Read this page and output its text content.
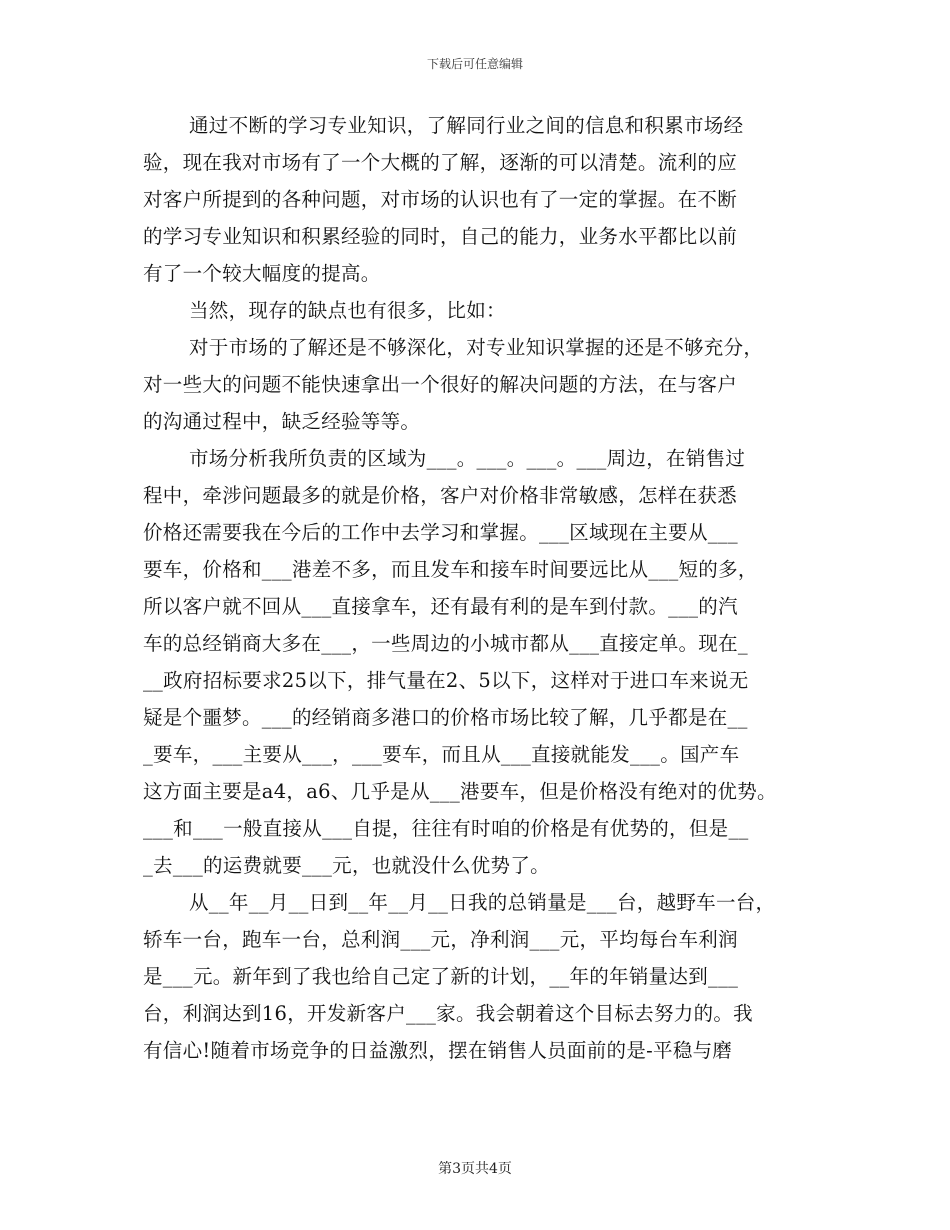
下载后可任意编辑
通过不断的学习专业知识，了解同行业之间的信息和积累市场经
验，现在我对市场有了一个大概的了解，逐渐的可以清楚。流利的应
对客户所提到的各种问题，对市场的认识也有了一定的掌握。在不断
的学习专业知识和积累经验的同时，自己的能力，业务水平都比以前
有了一个较大幅度的提高。
当然，现存的缺点也有很多，比如：
对于市场的了解还是不够深化，对专业知识掌握的还是不够充分，
对一些大的问题不能快速拿出一个很好的解决问题的方法，在与客户
的沟通过程中，缺乏经验等等。
市场分析我所负责的区域为___。___。___。___周边，在销售过
程中，牵涉问题最多的就是价格，客户对价格非常敏感，怎样在获悉
价格还需要我在今后的工作中去学习和掌握。___区域现在主要从___
要车，价格和___港差不多，而且发车和接车时间要远比从___短的多，
所以客户就不回从___直接拿车，还有最有利的是车到付款。___的汽
车的总经销商大多在___，一些周边的小城市都从___直接定单。现在_
__政府招标要求25以下，排气量在2、5以下，这样对于进口车来说无
疑是个噩梦。___的经销商多港口的价格市场比较了解，几乎都是在__
_要车，___主要从___，___要车，而且从___直接就能发___。国产车
这方面主要是a4，a6、几乎是从___港要车，但是价格没有绝对的优势。
___和___一般直接从___自提，往往有时咱的价格是有优势的，但是__
_去___的运费就要___元，也就没什么优势了。
从__年__月__日到__年__月__日我的总销量是___台，越野车一台，
轿车一台，跑车一台，总利润___元，净利润___元，平均每台车利润
是___元。新年到了我也给自己定了新的计划，__年的年销量达到___
台，利润达到16，开发新客户___家。我会朝着这个目标去努力的。我
有信心!随着市场竞争的日益激烈，摆在销售人员面前的是-平稳与磨
第3页共4页
